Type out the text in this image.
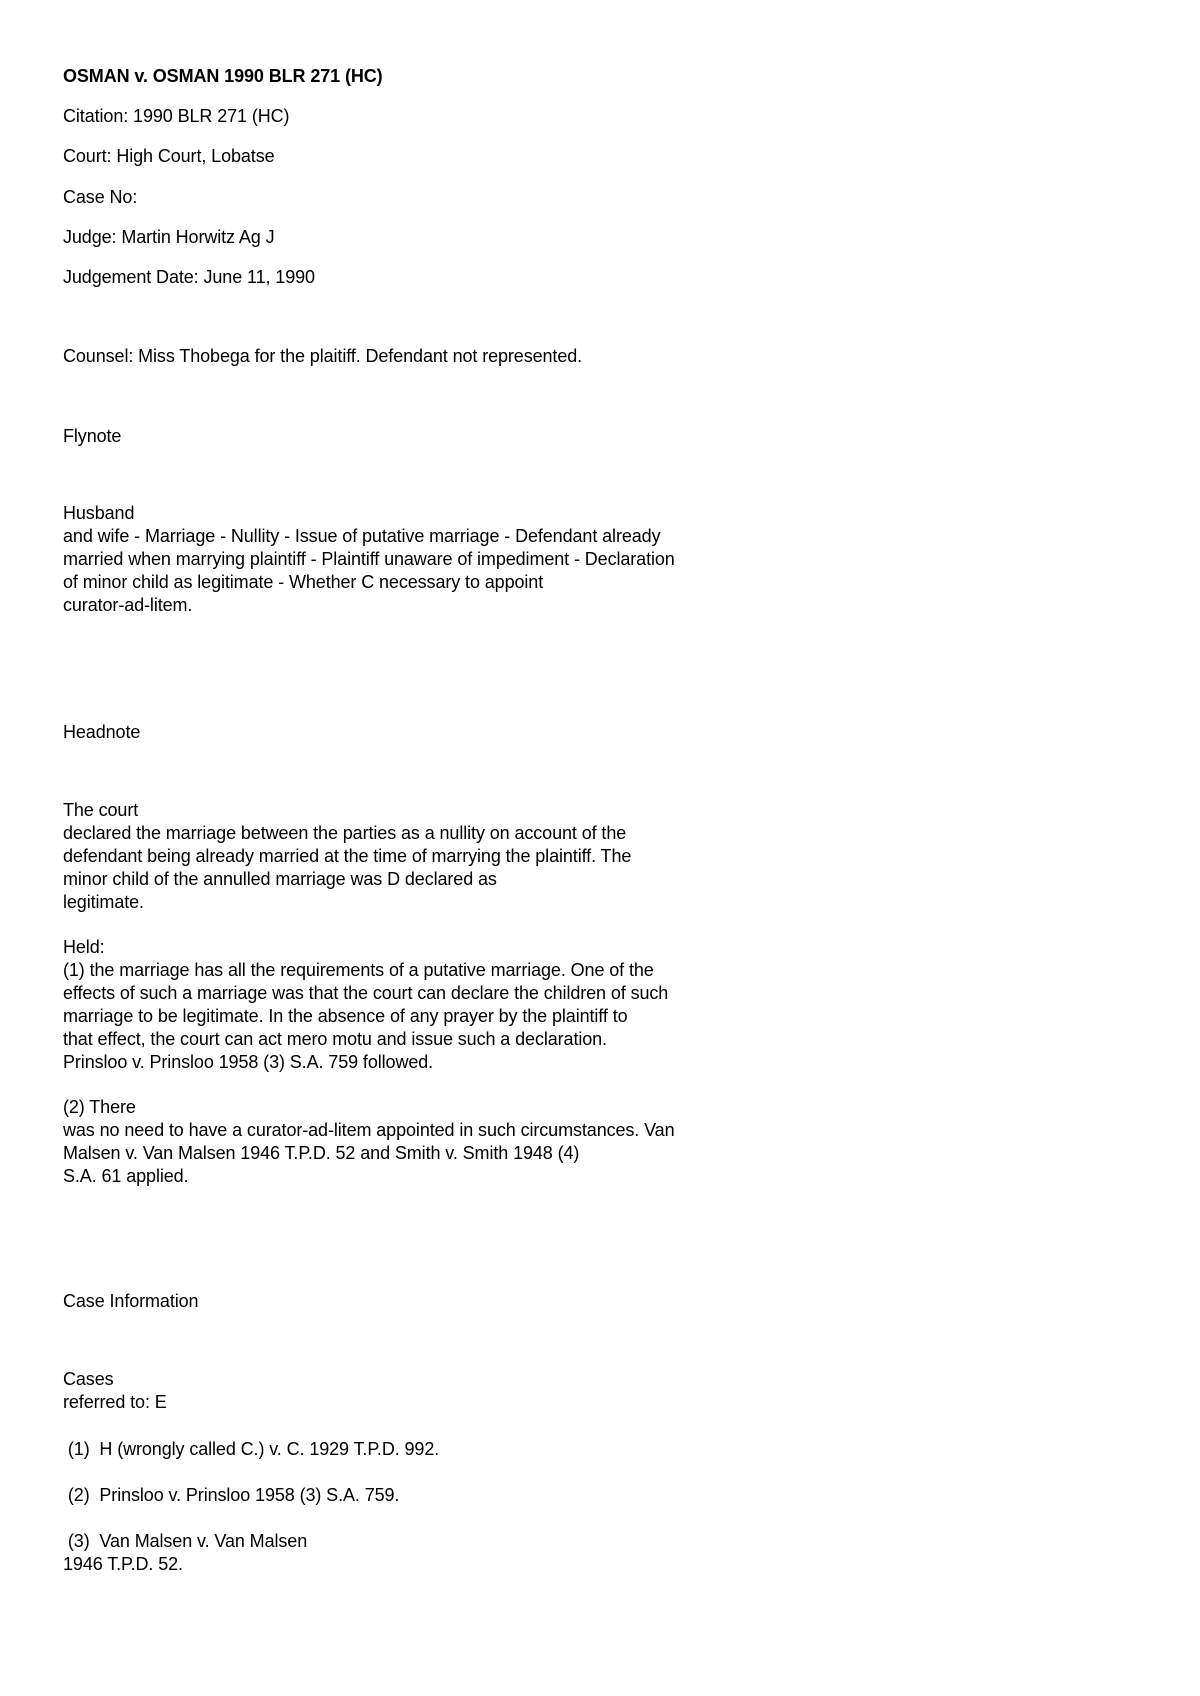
OSMAN v. OSMAN 1990 BLR 271 (HC)
Citation: 1990 BLR 271 (HC)
Court: High Court, Lobatse
Case No:
Judge: Martin Horwitz Ag J
Judgement Date: June 11, 1990
Counsel: Miss Thobega for the plaitiff. Defendant not represented.
Flynote
Husband
and wife - Marriage - Nullity - Issue of putative marriage - Defendant already
married when marrying plaintiff - Plaintiff unaware of impediment - Declaration
of minor child as legitimate - Whether C necessary to appoint
curator-ad-litem.
Headnote
The court
declared the marriage between the parties as a nullity on account of the
defendant being already married at the time of marrying the plaintiff. The
minor child of the annulled marriage was D declared as
legitimate.
Held:
(1) the marriage has all the requirements of a putative marriage. One of the
effects of such a marriage was that the court can declare the children of such
marriage to be legitimate. In the absence of any prayer by the plaintiff to
that effect, the court can act mero motu and issue such a declaration.
Prinsloo v. Prinsloo 1958 (3) S.A. 759 followed.
(2) There
was no need to have a curator-ad-litem appointed in such circumstances. Van
Malsen v. Van Malsen 1946 T.P.D. 52 and Smith v. Smith 1948 (4)
S.A. 61 applied.
Case Information
Cases
referred to: E
(1)  H (wrongly called C.) v. C. 1929 T.P.D. 992.
(2)  Prinsloo v. Prinsloo 1958 (3) S.A. 759.
(3)  Van Malsen v. Van Malsen
1946 T.P.D. 52.
